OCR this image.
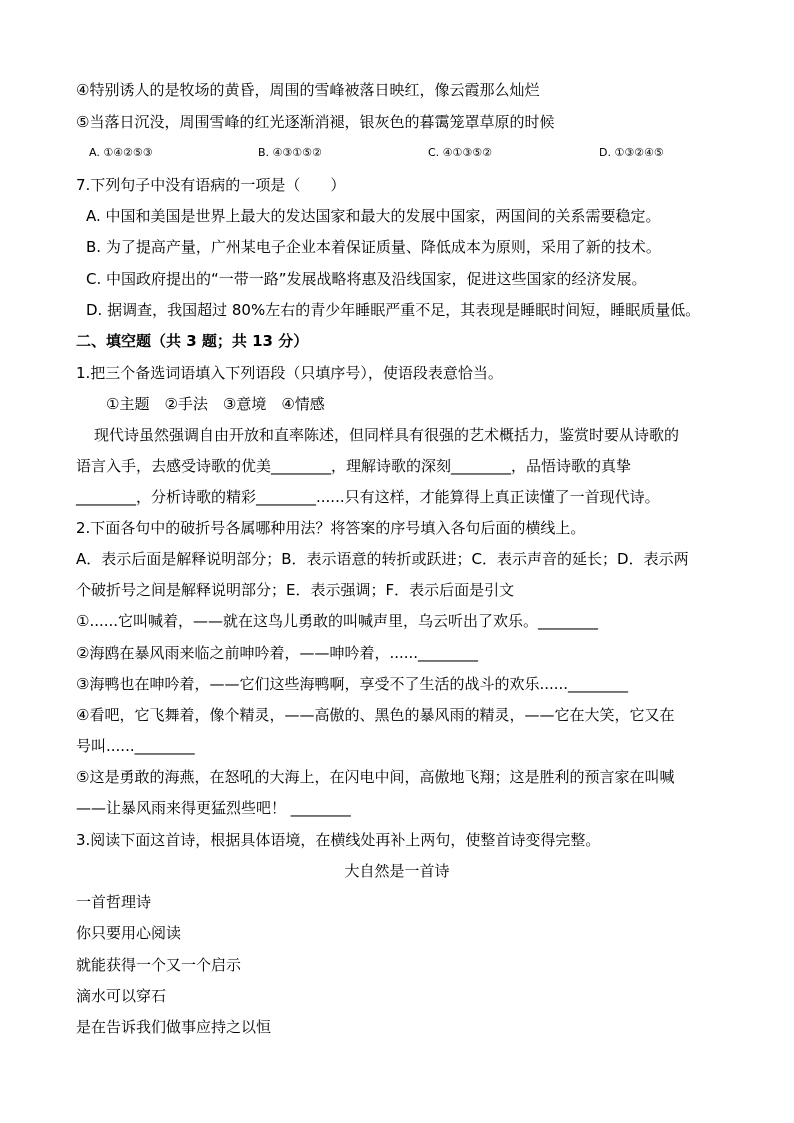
④特别诱人的是牧场的黄昏，周围的雪峰被落日映红，像云霞那么灿烂
⑤当落日沉没，周围雪峰的红光逐渐消褪，银灰色的暮霭笼罩草原的时候
A. ①④②⑤③	B. ④③①⑤②	C. ④①③⑤②	D. ①③②④⑤
7.下列句子中没有语病的一项是（　　）
A. 中国和美国是世界上最大的发达国家和最大的发展中国家，两国间的关系需要稳定。
B. 为了提高产量，广州某电子企业本着保证质量、降低成本为原则，采用了新的技术。
C. 中国政府提出的“一带一路”发展战略将惠及沿线国家，促进这些国家的经济发展。
D. 据调查，我国超过 80%左右的青少年睡眠严重不足，其表现是睡眠时间短，睡眠质量低。
二、填空题（共 3 题；共 13 分）
1.把三个备选词语填入下列语段（只填序号），使语段表意恰当。
①主题　②手法　③意境　④情感
现代诗虽然强调自由开放和直率陈述，但同样具有很强的艺术概括力，鉴赏时要从诗歌的
语言入手，去感受诗歌的优美________，理解诗歌的深刻________，品悟诗歌的真挚
________，分析诗歌的精彩________......只有这样，才能算得上真正读懂了一首现代诗。
2.下面各句中的破折号各属哪种用法？将答案的序号填入各句后面的横线上。
A．表示后面是解释说明部分；B．表示语意的转折或跃进；C．表示声音的延长；D．表示两
个破折号之间是解释说明部分；E．表示强调；F．表示后面是引文
①......它叫喊着，——就在这鸟儿勇敢的叫喊声里，乌云听出了欢乐。________
②海鸥在暴风雨来临之前呻吟着，——呻吟着，......________
③海鸭也在呻吟着，——它们这些海鸭啊，享受不了生活的战斗的欢乐......________
④看吧，它飞舞着，像个精灵，——高傲的、黑色的暴风雨的精灵，——它在大笑，它又在
号叫......________
⑤这是勇敢的海燕，在怒吼的大海上，在闪电中间，高傲地飞翔；这是胜利的预言家在叫喊
——让暴风雨来得更猛烈些吧！ ________
3.阅读下面这首诗，根据具体语境，在横线处再补上两句，使整首诗变得完整。
大自然是一首诗
一首哲理诗
你只要用心阅读
就能获得一个又一个启示
滴水可以穿石
是在告诉我们做事应持之以恒
